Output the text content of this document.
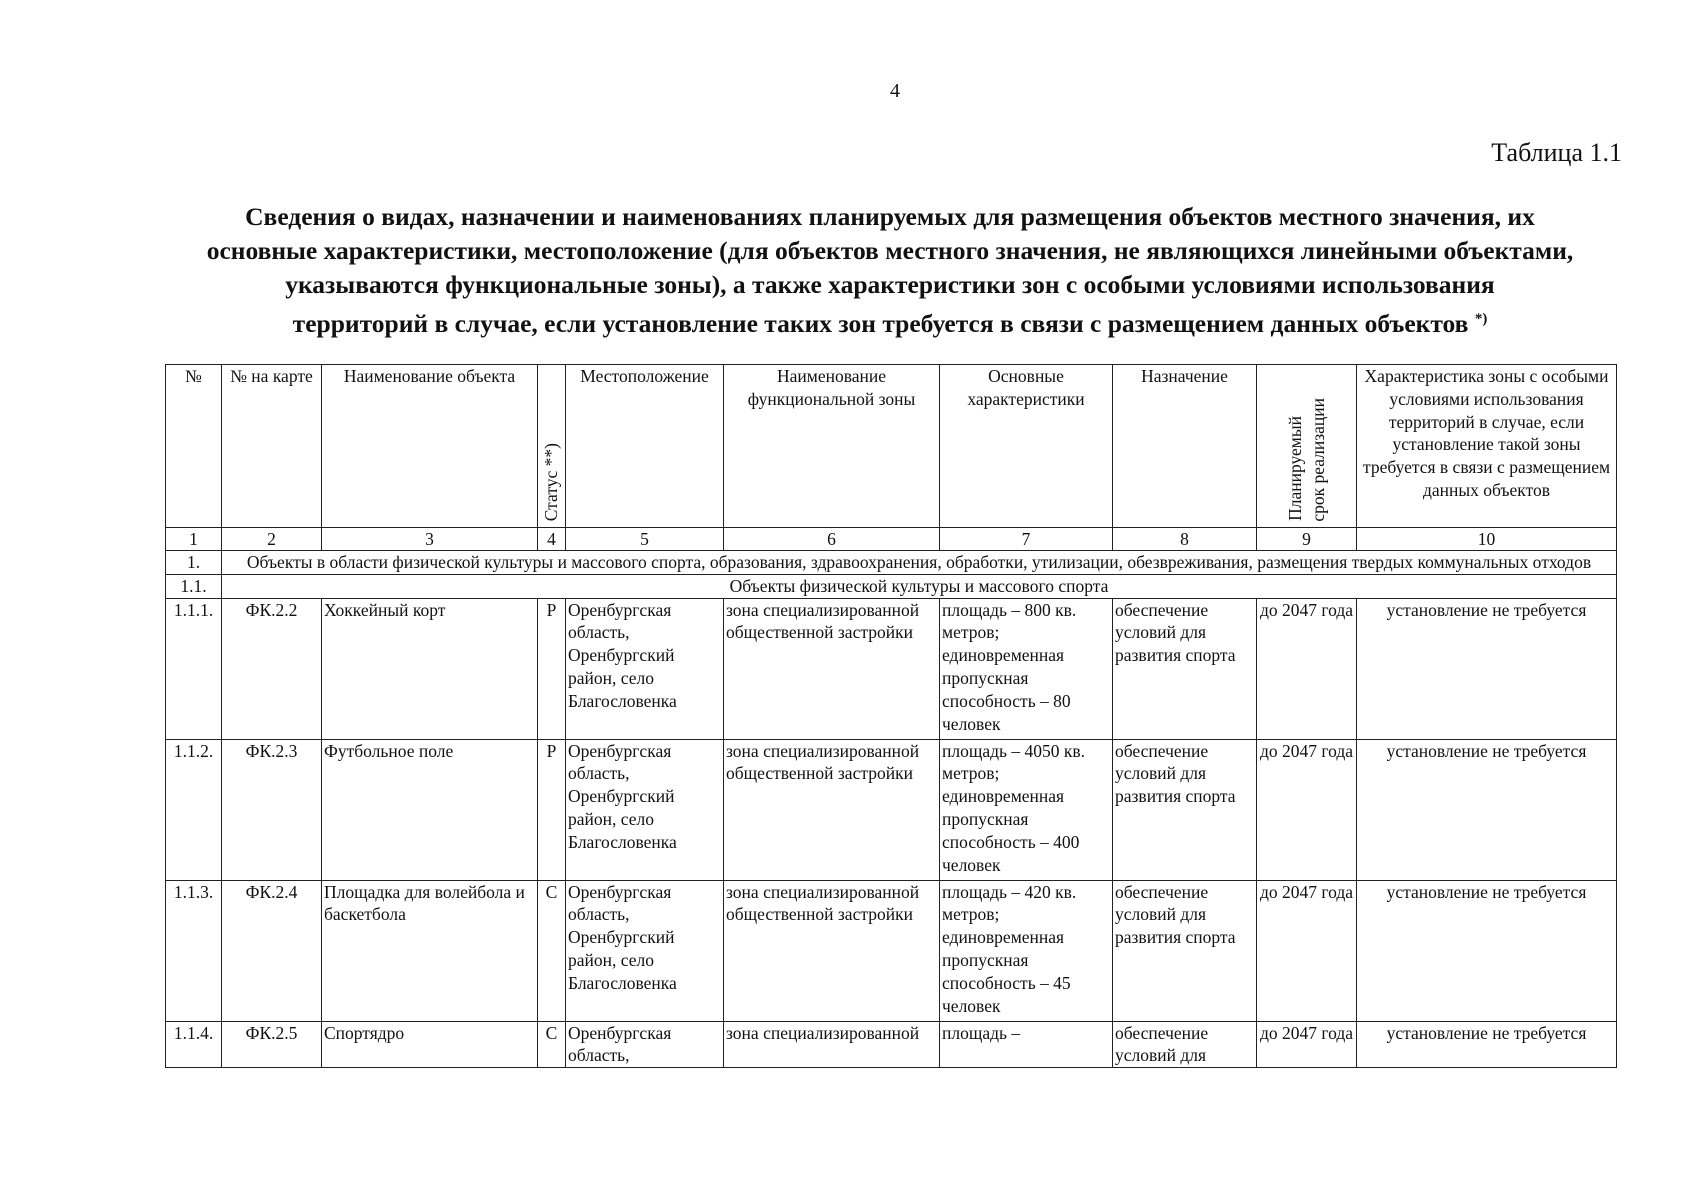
4
Таблица 1.1
Сведения о видах, назначении и наименованиях планируемых для размещения объектов местного значения, их
основные характеристики, местоположение (для объектов местного значения, не являющихся линейными объектами,
указываются функциональные зоны), а также характеристики зон с особыми условиями использования
территорий в случае, если установление таких зон требуется в связи с размещением данных объектов *)
№	№ на карте	Наименование объекта	Статус **)	Местоположение	Наименование функциональной зоны	Основные характеристики	Назначение	Планируемый срок реализации	Характеристика зоны с особыми условиями использования территорий в случае, если установление такой зоны требуется в связи с размещением данных объектов
1	2	3	4	5	6	7	8	9	10
1.	Объекты в области физической культуры и массового спорта, образования, здравоохранения, обработки, утилизации, обезвреживания, размещения твердых коммунальных отходов								
1.1.	Объекты физической культуры и массового спорта								
1.1.1.	ФК.2.2	Хоккейный корт	Р	Оренбургская область, Оренбургский район, село Благословенка	зона специализированной общественной застройки	площадь – 800 кв. метров; единовременная пропускная способность – 80 человек	обеспечение условий для развития спорта	до 2047 года	установление не требуется
1.1.2.	ФК.2.3	Футбольное поле	Р	Оренбургская область, Оренбургский район, село Благословенка	зона специализированной общественной застройки	площадь – 4050 кв. метров; единовременная пропускная способность – 400 человек	обеспечение условий для развития спорта	до 2047 года	установление не требуется
1.1.3.	ФК.2.4	Площадка для волейбола и баскетбола	С	Оренбургская область, Оренбургский район, село Благословенка	зона специализированной общественной застройки	площадь – 420 кв. метров; единовременная пропускная способность – 45 человек	обеспечение условий для развития спорта	до 2047 года	установление не требуется
1.1.4.	ФК.2.5	Спортядро	С	Оренбургская область,	зона специализированной	площадь –	обеспечение условий для	до 2047 года	установление не требуется
